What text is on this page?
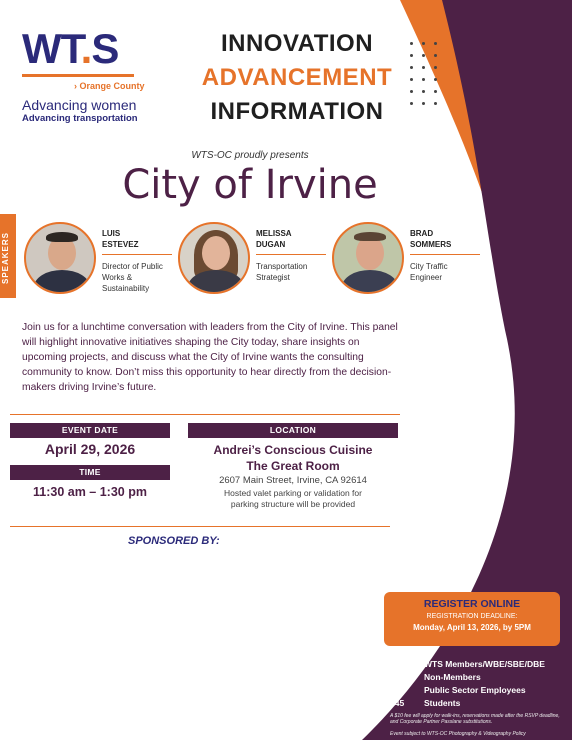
WT.S
› Orange County
Advancing women
Advancing transportation
INNOVATION
ADVANCEMENT
INFORMATION
WTS-OC proudly presents
City of Irvine
SPEAKERS	LUIS
ESTEVEZ
Director of Public
Works &
Sustainability
MELISSA
DUGAN
Transportation
Strategist
BRAD
SOMMERS
City Traffic
Engineer
Join us for a lunchtime conversation with leaders from the City of Irvine. This panel will highlight innovative initiatives shaping the City today, share insights on upcoming projects, and discuss what the City of Irvine wants the consulting community to know. Don’t miss this opportunity to hear directly from the decision-makers driving Irvine’s future.
EVENT DATE
April 29, 2026
TIME
11:30 am – 1:30 pm
LOCATION
Andrei’s Conscious Cuisine
The Great Room
2607 Main Street, Irvine, CA 92614
Hosted valet parking or validation for
parking structure will be provided
SPONSORED BY:
REGISTER ONLINE
REGISTRATION DEADLINE:
Monday, April 13, 2026, by 5PM
PRICING
$85 WTS Members/WBE/SBE/DBE
$110 Non-Members
$75 Public Sector Employees
$45 Students
A $10 fee will apply for walk-ins, reservations made after the RSVP deadline, and Corporate Partner Passlane substitutions.
Event subject to WTS-OC Photography & Videography Policy
